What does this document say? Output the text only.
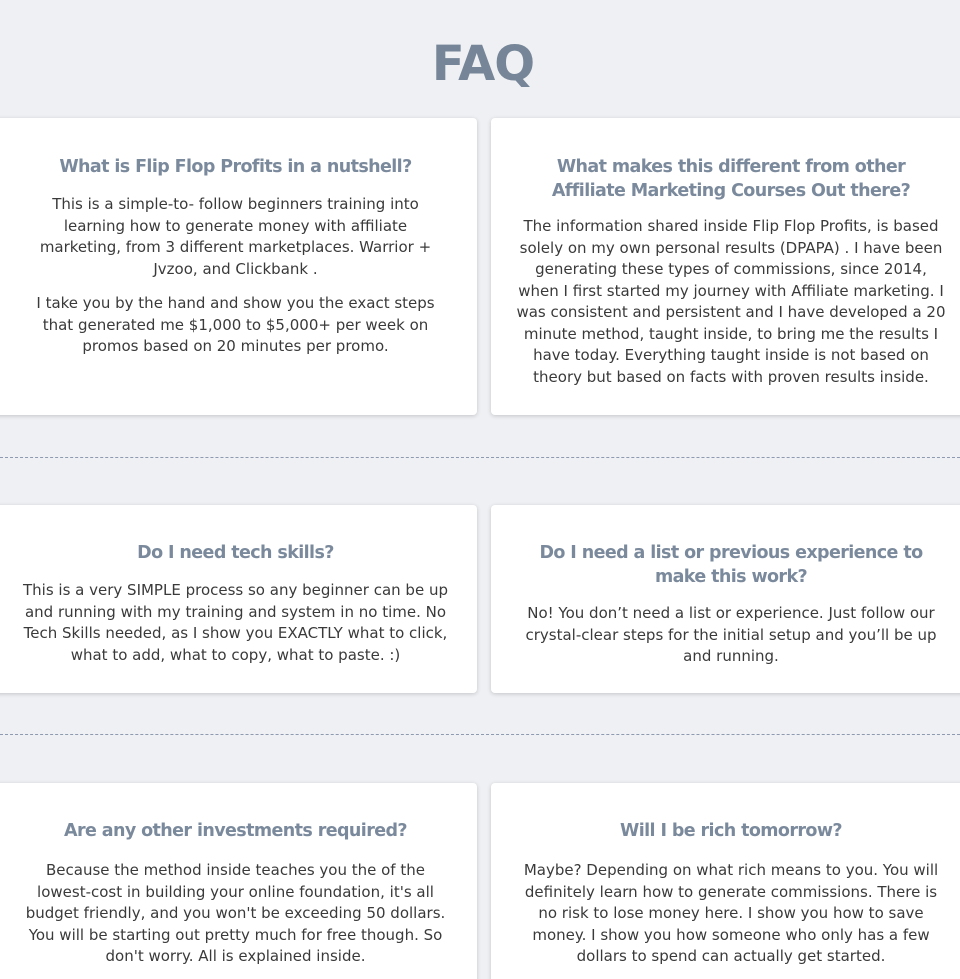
FAQ

What is Flip Flop Profits in a nutshell?

This is a simple-to- follow beginners training into learning how to generate money with affiliate marketing, from 3 different marketplaces. Warrior + Jvzoo, and Clickbank .

I take you by the hand and show you the exact steps that generated me $1,000 to $5,000+ per week on promos based on 20 minutes per promo.

What makes this different from other Affiliate Marketing Courses Out there?

The information shared inside Flip Flop Profits, is based solely on my own personal results (DPAPA) . I have been generating these types of commissions, since 2014, when I first started my journey with Affiliate marketing. I was consistent and persistent and I have developed a 20 minute method, taught inside, to bring me the results I have today. Everything taught inside is not based on theory but based on facts with proven results inside.

Do I need tech skills?

This is a very SIMPLE process so any beginner can be up and running with my training and system in no time. No Tech Skills needed, as I show you EXACTLY what to click, what to add, what to copy, what to paste. :)

Do I need a list or previous experience to make this work?

No! You don’t need a list or experience. Just follow our crystal-clear steps for the initial setup and you’ll be up and running.

Are any other investments required?

Because the method inside teaches you the of the lowest-cost in building your online foundation, it's all budget friendly, and you won't be exceeding 50 dollars. You will be starting out pretty much for free though. So don't worry. All is explained inside.

Will I be rich tomorrow?

Maybe? Depending on what rich means to you. You will definitely learn how to generate commissions. There is no risk to lose money here. I show you how to save money. I show you how someone who only has a few dollars to spend can actually get started.
